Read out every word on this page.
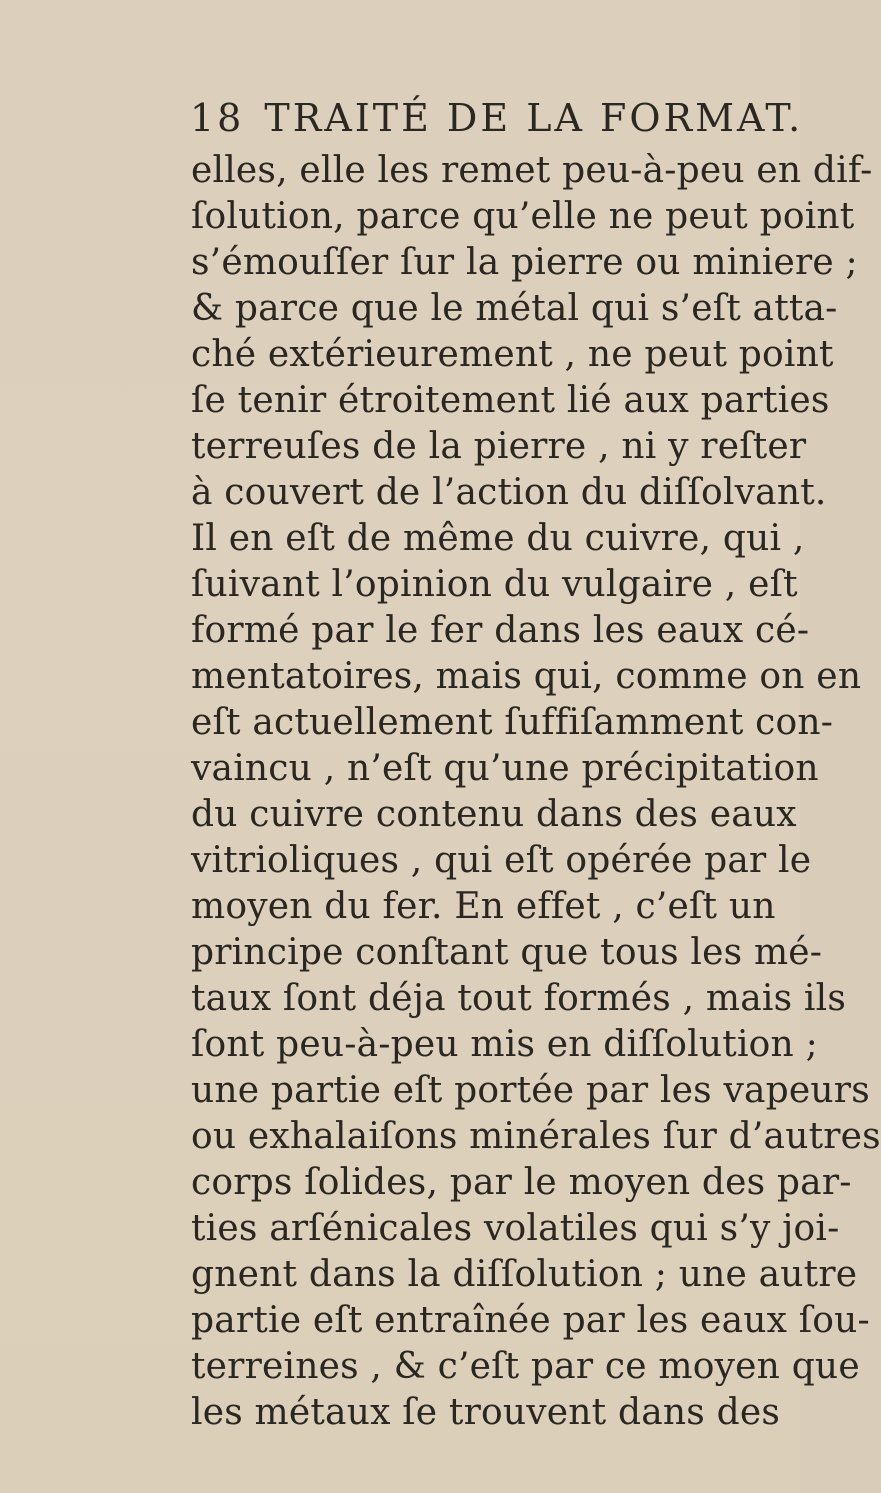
18 TRAITÉ DE LA FORMAT.
elles, elle les remet peu-à-peu en dif-
ſolution, parce qu’elle ne peut point
s’émouſſer ſur la pierre ou miniere ;
& parce que le métal qui s’eſt atta-
ché extérieurement , ne peut point
ſe tenir étroitement lié aux parties
terreuſes de la pierre , ni y reſter
à couvert de l’action du diſſolvant.
Il en eſt de même du cuivre, qui ,
ſuivant l’opinion du vulgaire , eſt
formé par le fer dans les eaux cé-
mentatoires, mais qui, comme on en
eſt actuellement ſuffiſamment con-
vaincu , n’eſt qu’une précipitation
du cuivre contenu dans des eaux
vitrioliques , qui eſt opérée par le
moyen du fer. En effet , c’eſt un
principe conſtant que tous les mé-
taux ſont déja tout formés , mais ils
ſont peu-à-peu mis en diſſolution ;
une partie eſt portée par les vapeurs
ou exhalaiſons minérales ſur d’autres
corps ſolides, par le moyen des par-
ties arſénicales volatiles qui s’y joi-
gnent dans la diſſolution ; une autre
partie eſt entraînée par les eaux ſou-
terreines , & c’eſt par ce moyen que
les métaux ſe trouvent dans des
